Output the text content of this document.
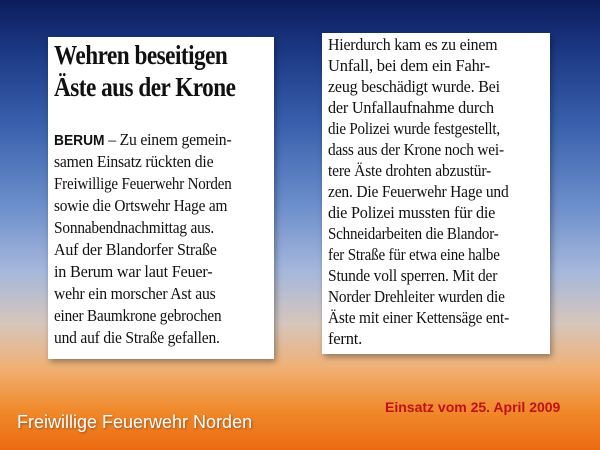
Wehren beseitigen
Äste aus der Krone
BERUM – Zu einem gemein-
samen Einsatz rückten die
Freiwillige Feuerwehr Norden
sowie die Ortswehr Hage am
Sonnabendnachmittag aus.
Auf der Blandorfer Straße
in Berum war laut Feuer-
wehr ein morscher Ast aus
einer Baumkrone gebrochen
und auf die Straße gefallen.
Hierdurch kam es zu einem
Unfall, bei dem ein Fahr-
zeug beschädigt wurde. Bei
der Unfallaufnahme durch
die Polizei wurde festgestellt,
dass aus der Krone noch wei-
tere Äste drohten abzustür-
zen. Die Feuerwehr Hage und
die Polizei mussten für die
Schneidarbeiten die Blandor-
fer Straße für etwa eine halbe
Stunde voll sperren. Mit der
Norder Drehleiter wurden die
Äste mit einer Kettensäge ent-
fernt.
Freiwillige Feuerwehr Norden
Einsatz vom 25. April 2009
